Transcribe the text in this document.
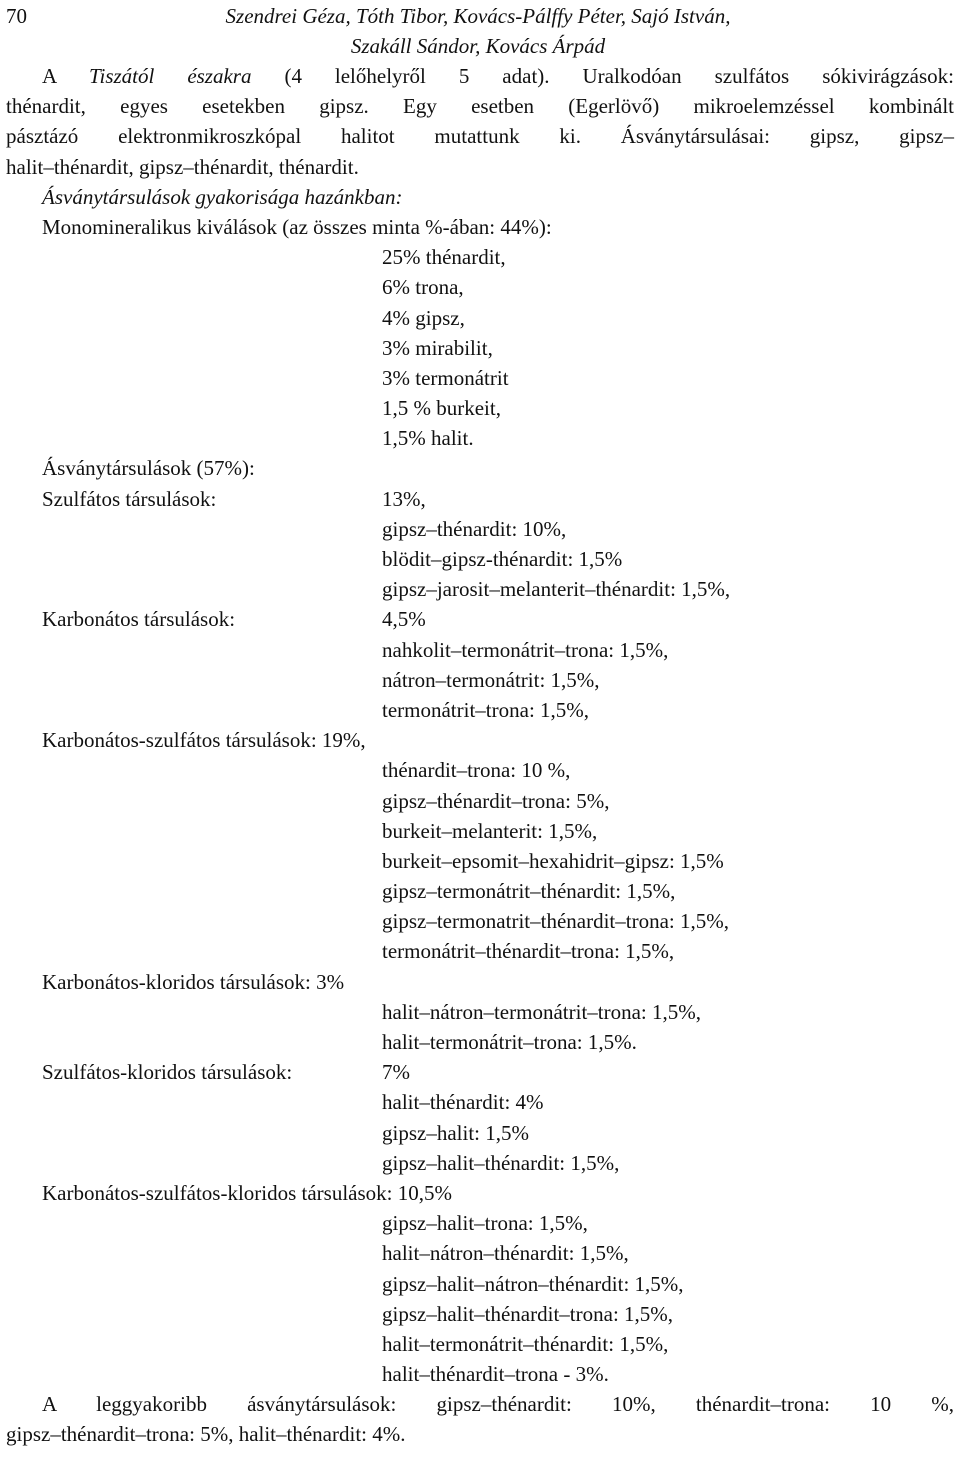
70	Szendrei Géza, Tóth Tibor, Kovács-Pálffy Péter, Sajó István,
Szakáll Sándor, Kovács Árpád
A Tiszától északra (4 lelőhelyről 5 adat). Uralkodóan szulfátos sókivirágzások:
thénardit, egyes esetekben gipsz. Egy esetben (Egerlövő) mikroelemzéssel kombinált
pásztázó elektronmikroszkópal halitot mutattunk ki. Ásványtársulásai: gipsz, gipsz–
halit–thénardit, gipsz–thénardit, thénardit.
Ásványtársulások gyakorisága hazánkban:
Monomineralikus kiválások (az összes minta %-ában: 44%):
25% thénardit,
6% trona,
4% gipsz,
3% mirabilit,
3% termonátrit
1,5 % burkeit,
1,5% halit.
Ásványtársulások (57%):
Szulfátos társulások:	13%,
gipsz–thénardit: 10%,
blödit–gipsz-thénardit: 1,5%
gipsz–jarosit–melanterit–thénardit: 1,5%,
Karbonátos társulások:	4,5%
nahkolit–termonátrit–trona: 1,5%,
nátron–termonátrit: 1,5%,
termonátrit–trona: 1,5%,
Karbonátos-szulfátos társulások: 19%,
thénardit–trona: 10 %,
gipsz–thénardit–trona: 5%,
burkeit–melanterit: 1,5%,
burkeit–epsomit–hexahidrit–gipsz: 1,5%
gipsz–termonátrit–thénardit: 1,5%,
gipsz–termonatrit–thénardit–trona: 1,5%,
termonátrit–thénardit–trona: 1,5%,
Karbonátos-kloridos társulások: 3%
halit–nátron–termonátrit–trona: 1,5%,
halit–termonátrit–trona: 1,5%.
Szulfátos-kloridos társulások:	7%
halit–thénardit: 4%
gipsz–halit: 1,5%
gipsz–halit–thénardit: 1,5%,
Karbonátos-szulfátos-kloridos társulások: 10,5%
gipsz–halit–trona: 1,5%,
halit–nátron–thénardit: 1,5%,
gipsz–halit–nátron–thénardit: 1,5%,
gipsz–halit–thénardit–trona: 1,5%,
halit–termonátrit–thénardit: 1,5%,
halit–thénardit–trona - 3%.
A leggyakoribb ásványtársulások: gipsz–thénardit: 10%, thénardit–trona: 10 %,
gipsz–thénardit–trona: 5%, halit–thénardit: 4%.
